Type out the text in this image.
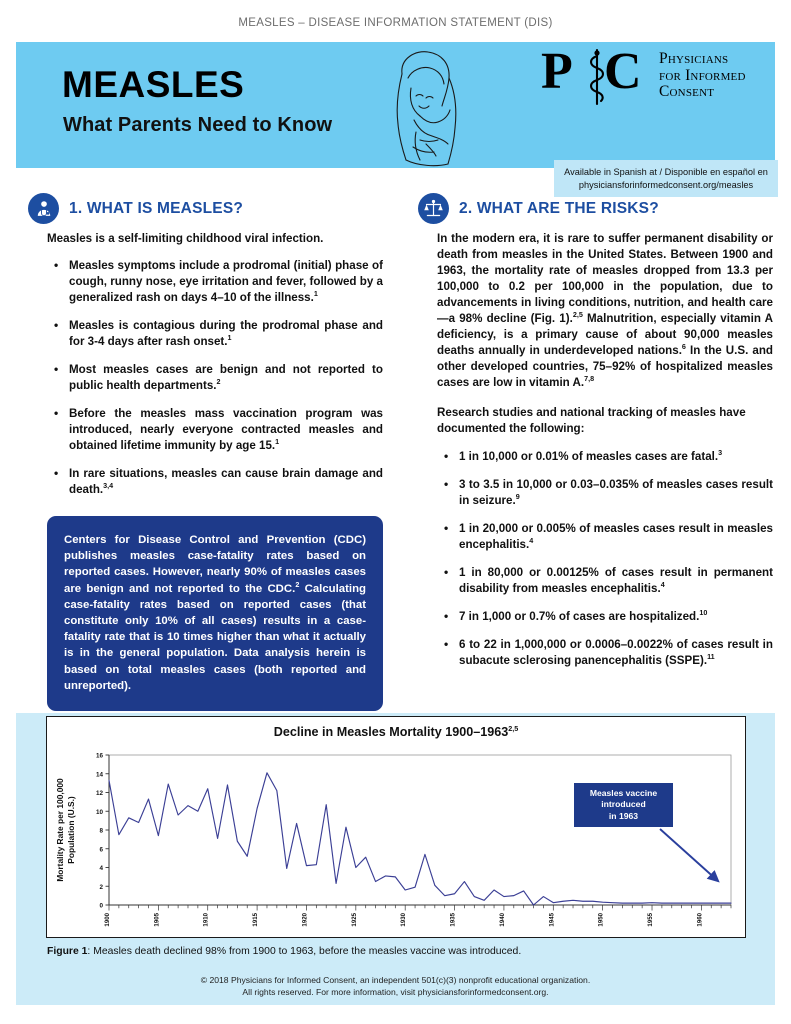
MEASLES – DISEASE INFORMATION STATEMENT (DIS)
MEASLES
What Parents Need to Know
P C Physicians
for Informed
Consent
Available in Spanish at / Disponible en español en
physiciansforinformedconsent.org/measles
1. WHAT IS MEASLES?	2. WHAT ARE THE RISKS?

Measles is a self-limiting childhood viral infection.

• Measles symptoms include a prodromal (initial) phase of cough, runny nose, eye irritation and fever, followed by a generalized rash on days 4–10 of the illness.$^1$
• Measles is contagious during the prodromal phase and for 3-4 days after rash onset.$^1$
• Most measles cases are benign and not reported to public health departments.$^2$
• Before the measles mass vaccination program was introduced, nearly everyone contracted measles and obtained lifetime immunity by age 15.$^1$
• In rare situations, measles can cause brain damage and death.$^{3,4}$

Centers for Disease Control and Prevention (CDC) publishes measles case-fatality rates based on reported cases. However, nearly 90% of measles cases are benign and not reported to the CDC.$^2$ Calculating case-fatality rates based on reported cases (that constitute only 10% of all cases) results in a case-fatality rate that is 10 times higher than what it actually is in the general population. Data analysis herein is based on total measles cases (both reported and unreported).

In the modern era, it is rare to suffer permanent disability or death from measles in the United States. Between 1900 and 1963, the mortality rate of measles dropped from 13.3 per 100,000 to 0.2 per 100,000 in the population, due to advancements in living conditions, nutrition, and health care—a 98% decline (Fig. 1).$^{2,5}$ Malnutrition, especially vitamin A deficiency, is a primary cause of about 90,000 measles deaths annually in underdeveloped nations.$^6$ In the U.S. and other developed countries, 75–92% of hospitalized measles cases are low in vitamin A.$^{7,8}$

Research studies and national tracking of measles have documented the following:

• 1 in 10,000 or 0.01% of measles cases are fatal.$^3$
• 3 to 3.5 in 10,000 or 0.03–0.035% of measles cases result in seizure.$^9$
• 1 in 20,000 or 0.005% of measles cases result in measles encephalitis.$^4$
• 1 in 80,000 or 0.00125% of cases result in permanent disability from measles encephalitis.$^4$
• 7 in 1,000 or 0.7% of cases are hospitalized.$^{10}$
• 6 to 22 in 1,000,000 or 0.0006–0.0022% of cases result in subacute sclerosing panencephalitis (SSPE).$^{11}$
Decline in Measles Mortality 1900–1963$^{2,5}$
0
2
4
6
8
10
12
14
16
Mortality Rate per 100,000Population (U.S.)
1900	1905	1910	1915	1920	1925	1930	1935	1940	1945	1950	1955	1960
Measles vaccine
introduced
in 1963
Figure 1: Measles death declined 98% from 1900 to 1963, before the measles vaccine was introduced.
© 2018 Physicians for Informed Consent, an independent 501(c)(3) nonprofit educational organization.
All rights reserved. For more information, visit physiciansforinformedconsent.org.
